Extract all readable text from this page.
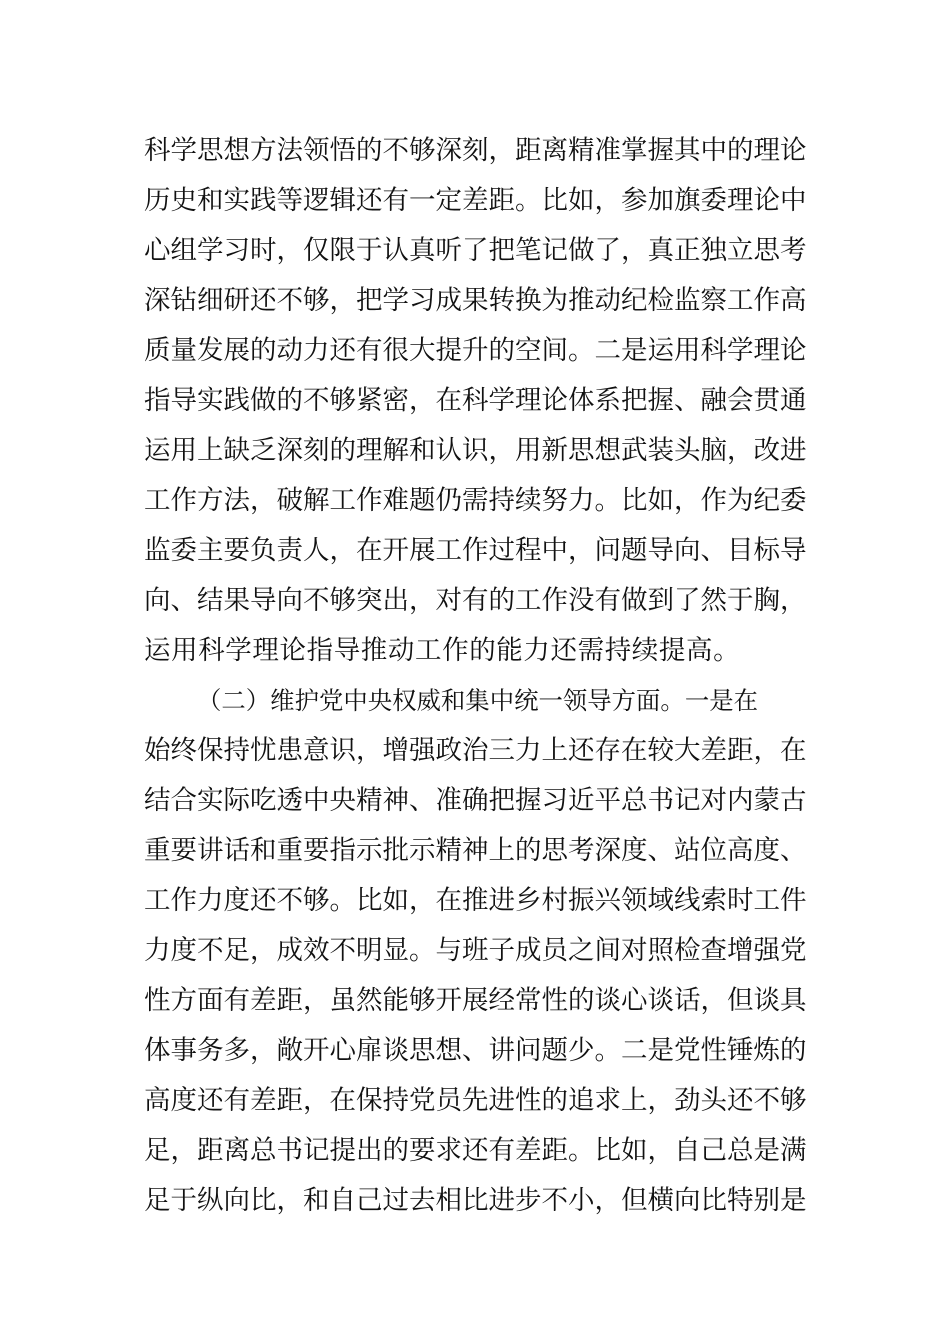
科学思想方法领悟的不够深刻，距离精准掌握其中的理论
历史和实践等逻辑还有一定差距。比如，参加旗委理论中
心组学习时，仅限于认真听了把笔记做了，真正独立思考
深钻细研还不够，把学习成果转换为推动纪检监察工作高
质量发展的动力还有很大提升的空间。二是运用科学理论
指导实践做的不够紧密，在科学理论体系把握、融会贯通
运用上缺乏深刻的理解和认识，用新思想武装头脑，改进
工作方法，破解工作难题仍需持续努力。比如，作为纪委
监委主要负责人，在开展工作过程中，问题导向、目标导
向、结果导向不够突出，对有的工作没有做到了然于胸，
运用科学理论指导推动工作的能力还需持续提高。
（二）维护党中央权威和集中统一领导方面。一是在
始终保持忧患意识，增强政治三力上还存在较大差距，在
结合实际吃透中央精神、准确把握习近平总书记对内蒙古
重要讲话和重要指示批示精神上的思考深度、站位高度、
工作力度还不够。比如，在推进乡村振兴领域线索时工件
力度不足，成效不明显。与班子成员之间对照检查增强党
性方面有差距，虽然能够开展经常性的谈心谈话，但谈具
体事务多，敞开心扉谈思想、讲问题少。二是党性锤炼的
高度还有差距，在保持党员先进性的追求上，劲头还不够
足，距离总书记提出的要求还有差距。比如，自己总是满
足于纵向比，和自己过去相比进步不小，但横向比特别是
